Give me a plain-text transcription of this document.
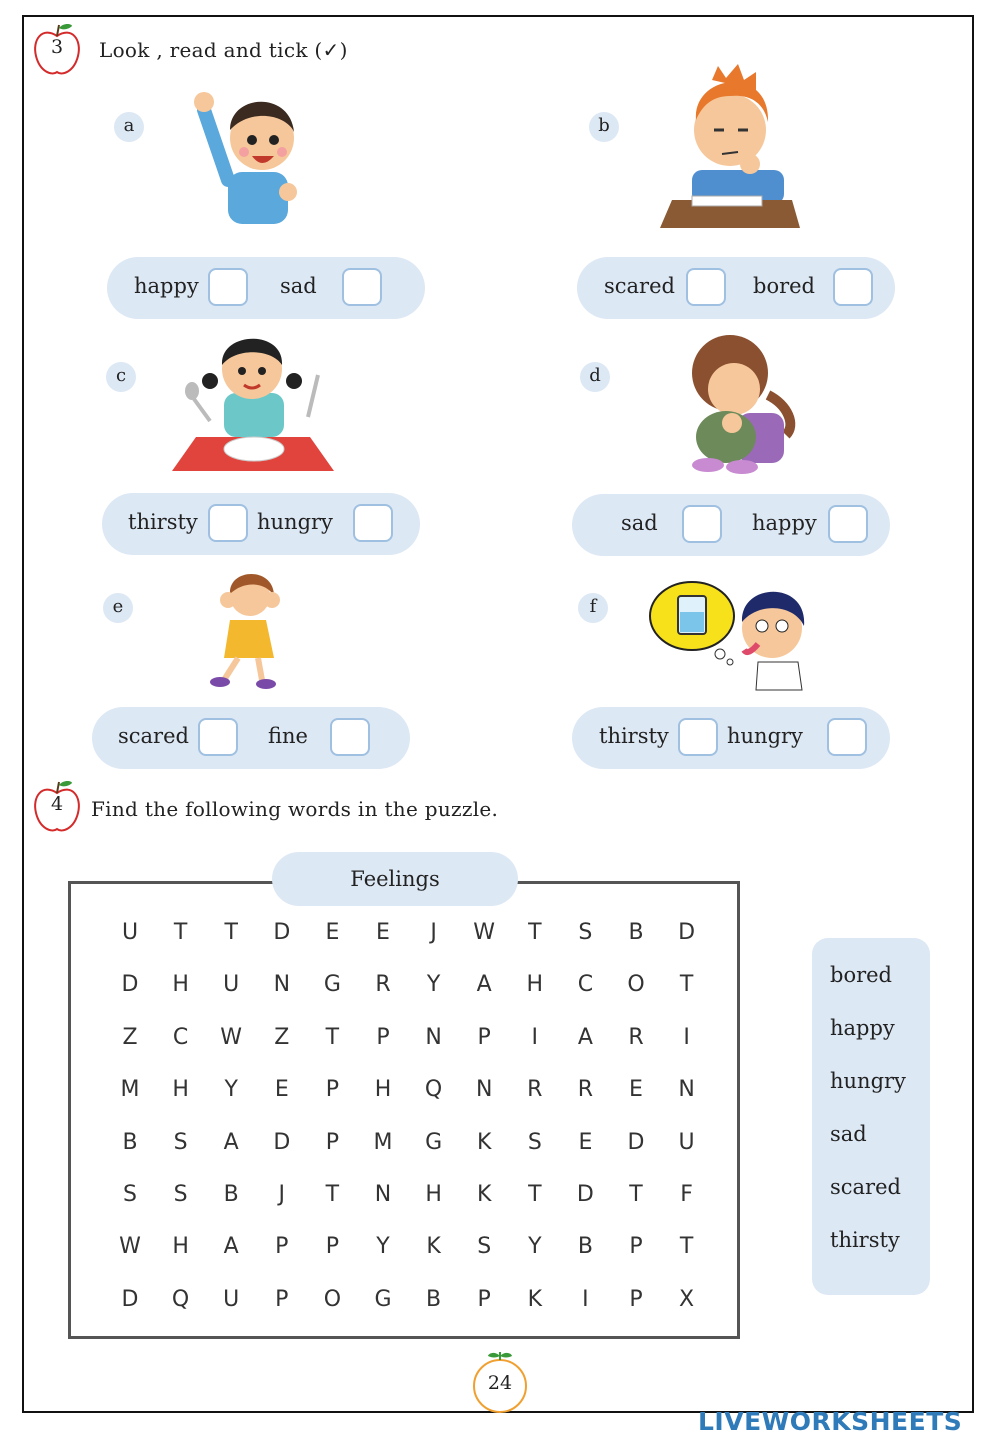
3	Look , read and tick (✓)
a
happy	sad
b
scared	bored
c
thirsty	hungry
d
sad	happy
e
scared	fine
f
thirsty	hungry
4	Find the following words in the puzzle.
U	T	T	D	E	E	J	W	T	S	B	D
D	H	U	N	G	R	Y	A	H	C	O	T
Z	C	W	Z	T	P	N	P	I	A	R	I
M	H	Y	E	P	H	Q	N	R	R	E	N
B	S	A	D	P	M	G	K	S	E	D	U
S	S	B	J	T	N	H	K	T	D	T	F
W	H	A	P	P	Y	K	S	Y	B	P	T
D	Q	U	P	O	G	B	P	K	I	P	X
Feelings
bored
happy
hungry
sad
scared
thirsty
24
LIVEWORKSHEETS
